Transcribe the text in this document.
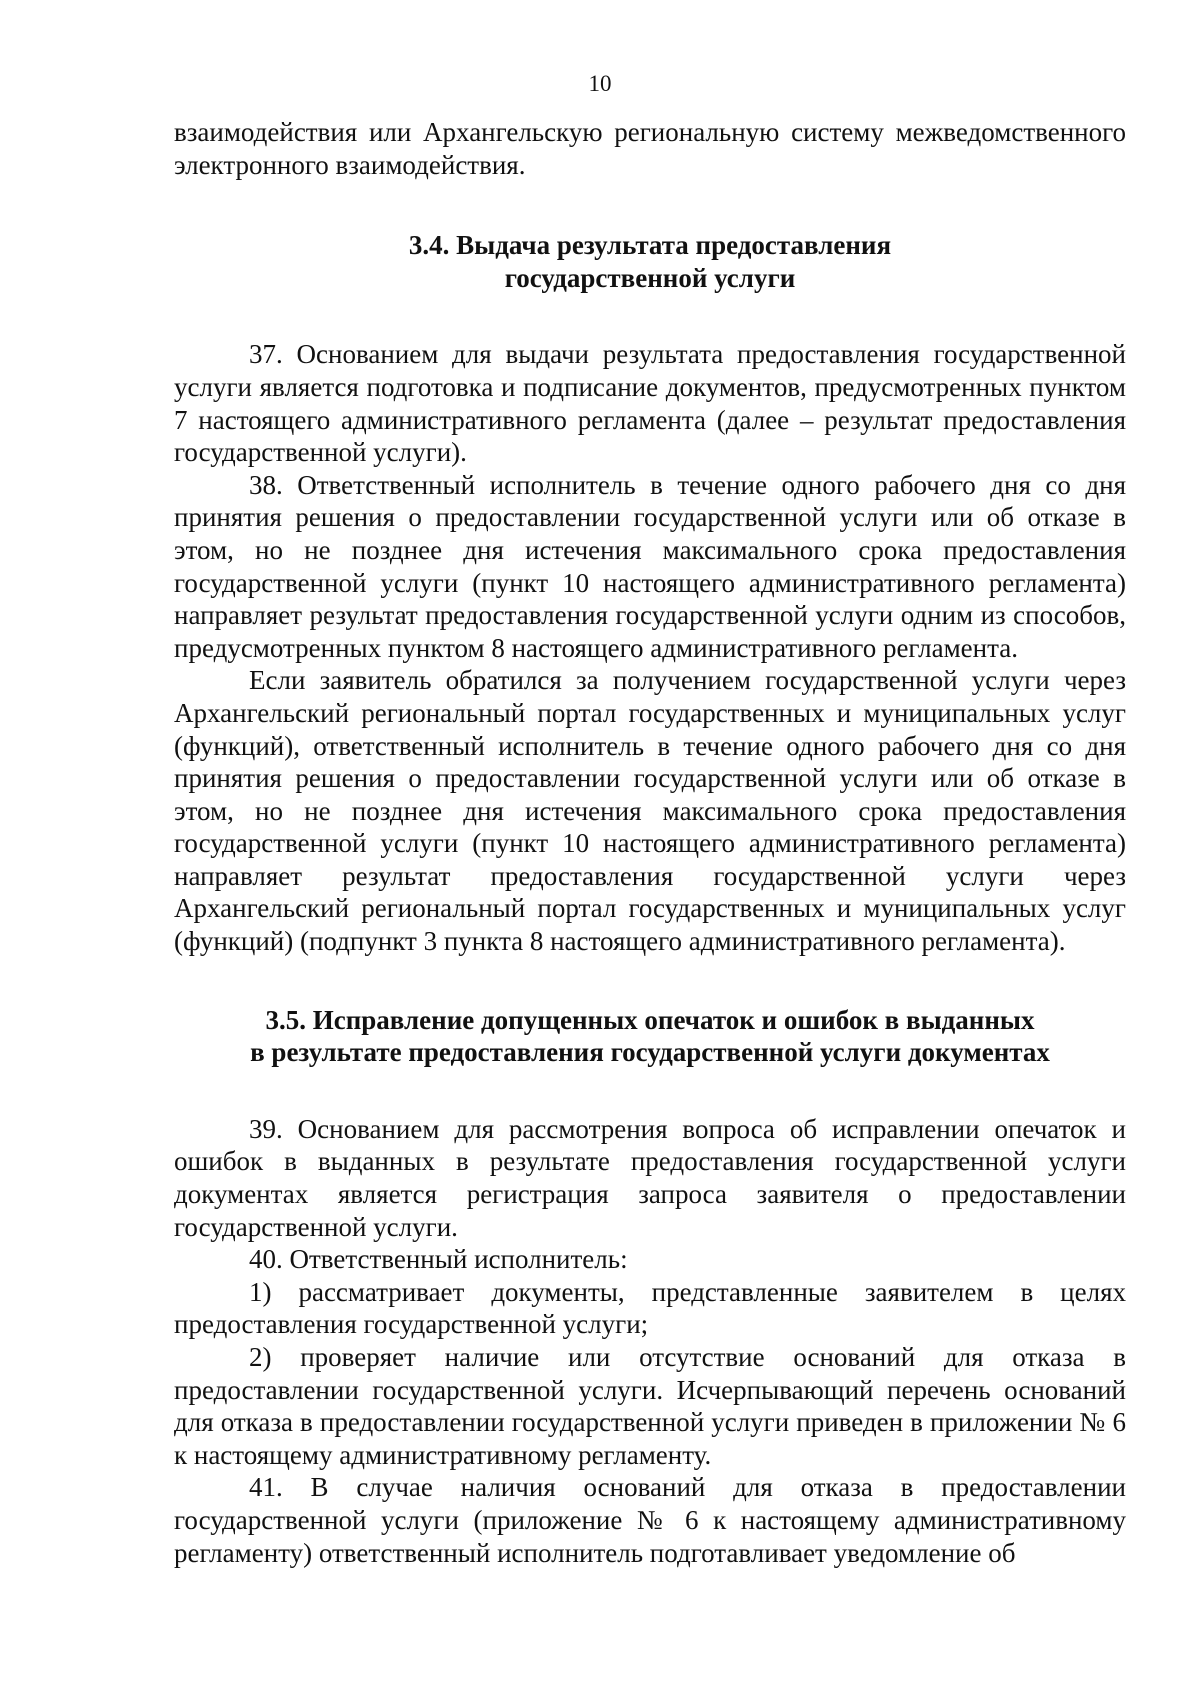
10

взаимодействия или Архангельскую региональную систему межведомственного электронного взаимодействия.

3.4. Выдача результата предоставления
государственной услуги

37. Основанием для выдачи результата предоставления государственной услуги является подготовка и подписание документов, предусмотренных пунктом 7 настоящего административного регламента (далее – результат предоставления государственной услуги).

38. Ответственный исполнитель в течение одного рабочего дня со дня принятия решения о предоставлении государственной услуги или об отказе в этом, но не позднее дня истечения максимального срока предоставления государственной услуги (пункт 10 настоящего административного регламента) направляет результат предоставления государственной услуги одним из способов, предусмотренных пунктом 8 настоящего административного регламента.

Если заявитель обратился за получением государственной услуги через Архангельский региональный портал государственных и муниципальных услуг (функций), ответственный исполнитель в течение одного рабочего дня со дня принятия решения о предоставлении государственной услуги или об отказе в этом, но не позднее дня истечения максимального срока предоставления государственной услуги (пункт 10 настоящего административного регламента) направляет результат предоставления государственной услуги через Архангельский региональный портал государственных и муниципальных услуг (функций) (подпункт 3 пункта 8 настоящего административного регламента).

3.5. Исправление допущенных опечаток и ошибок в выданных
в результате предоставления государственной услуги документах

39. Основанием для рассмотрения вопроса об исправлении опечаток и ошибок в выданных в результате предоставления государственной услуги документах является регистрация запроса заявителя о предоставлении государственной услуги.

40. Ответственный исполнитель:

1) рассматривает документы, представленные заявителем в целях предоставления государственной услуги;

2) проверяет наличие или отсутствие оснований для отказа в предоставлении государственной услуги. Исчерпывающий перечень оснований для отказа в предоставлении государственной услуги приведен в приложении № 6 к настоящему административному регламенту.

41. В случае наличия оснований для отказа в предоставлении государственной услуги (приложение № 6 к настоящему административному регламенту) ответственный исполнитель подготавливает уведомление об
